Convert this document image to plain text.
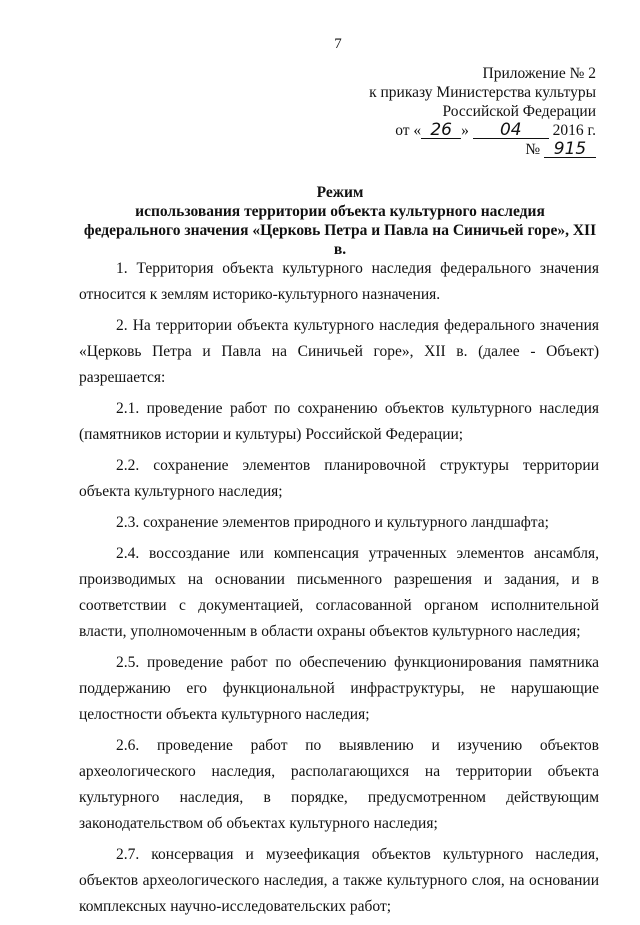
7
Приложение № 2
к приказу Министерства культуры
Российской Федерации
от « 26 » 04 2016 г.
№ 915
Режим
использования территории объекта культурного наследия
федерального значения «Церковь Петра и Павла на Синичьей горе», XII в.

1. Территория объекта культурного наследия федерального значения относится к землям историко-культурного назначения.

2. На территории объекта культурного наследия федерального значения «Церковь Петра и Павла на Синичьей горе», XII в. (далее - Объект) разрешается:

2.1. проведение работ по сохранению объектов культурного наследия (памятников истории и культуры) Российской Федерации;

2.2. сохранение элементов планировочной структуры территории объекта культурного наследия;

2.3. сохранение элементов природного и культурного ландшафта;

2.4. воссоздание или компенсация утраченных элементов ансамбля, производимых на основании письменного разрешения и задания, и в соответствии с документацией, согласованной органом исполнительной власти, уполномоченным в области охраны объектов культурного наследия;

2.5. проведение работ по обеспечению функционирования памятника поддержанию его функциональной инфраструктуры, не нарушающие целостности объекта культурного наследия;

2.6. проведение работ по выявлению и изучению объектов археологического наследия, располагающихся на территории объекта культурного наследия, в порядке, предусмотренном действующим законодательством об объектах культурного наследия;

2.7. консервация и музеефикация объектов культурного наследия, объектов археологического наследия, а также культурного слоя, на основании комплексных научно-исследовательских работ;
